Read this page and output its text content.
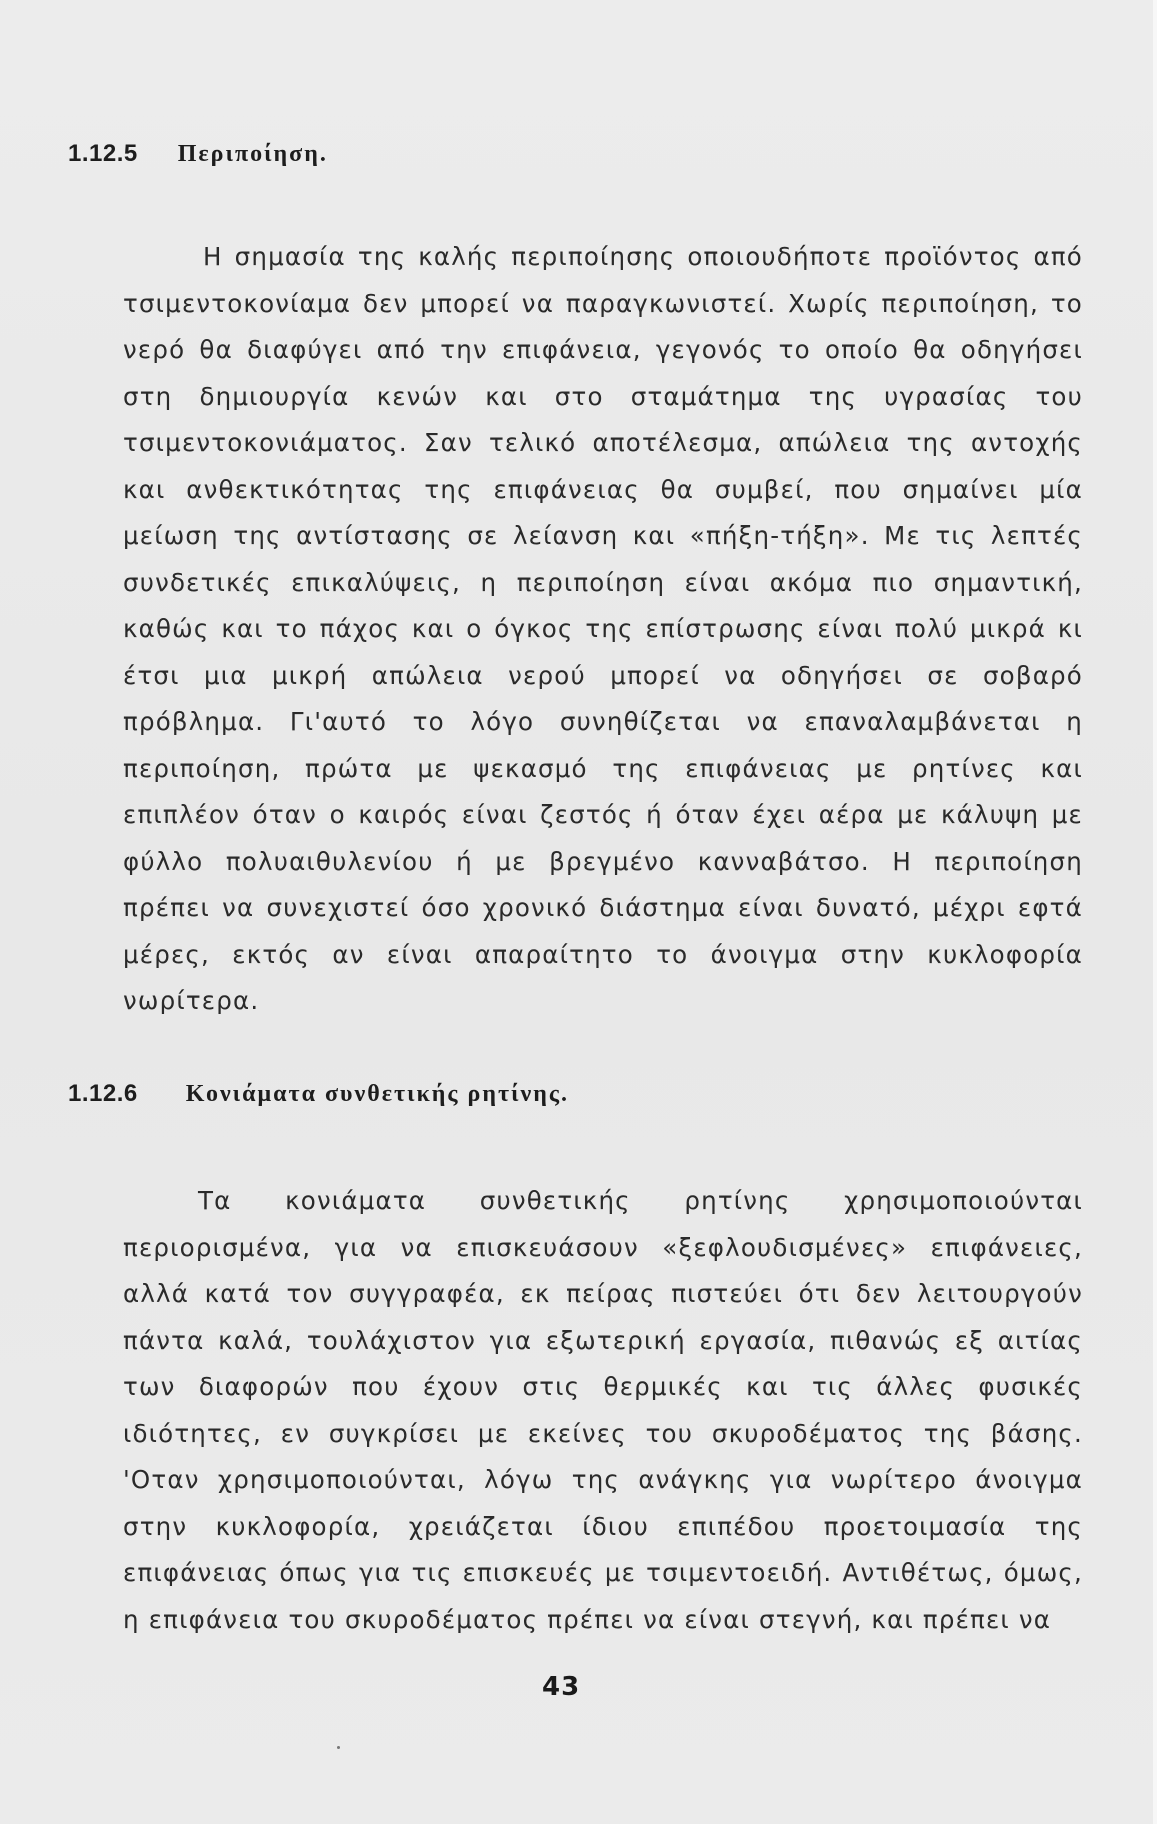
1.12.5 Περιποίηση.
Η σημασία της καλής περιποίησης οποιουδήποτε προϊόντος από
τσιμεντοκονίαμα δεν μπορεί να παραγκωνιστεί. Χωρίς περιποίηση, το
νερό θα διαφύγει από την επιφάνεια, γεγονός το οποίο θα οδηγήσει
στη δημιουργία κενών και στο σταμάτημα της υγρασίας του
τσιμεντοκονιάματος. Σαν τελικό αποτέλεσμα, απώλεια της αντοχής
και ανθεκτικότητας της επιφάνειας θα συμβεί, που σημαίνει μία
μείωση της αντίστασης σε λείανση και «πήξη-τήξη». Με τις λεπτές
συνδετικές επικαλύψεις, η περιποίηση είναι ακόμα πιο σημαντική,
καθώς και το πάχος και ο όγκος της επίστρωσης είναι πολύ μικρά κι
έτσι μια μικρή απώλεια νερού μπορεί να οδηγήσει σε σοβαρό
πρόβλημα. Γι'αυτό το λόγο συνηθίζεται να επαναλαμβάνεται η
περιποίηση, πρώτα με ψεκασμό της επιφάνειας με ρητίνες και
επιπλέον όταν ο καιρός είναι ζεστός ή όταν έχει αέρα με κάλυψη με
φύλλο πολυαιθυλενίου ή με βρεγμένο κανναβάτσο. Η περιποίηση
πρέπει να συνεχιστεί όσο χρονικό διάστημα είναι δυνατό, μέχρι εφτά
μέρες, εκτός αν είναι απαραίτητο το άνοιγμα στην κυκλοφορία
νωρίτερα.
1.12.6 Κονιάματα συνθετικής ρητίνης.
Τα κονιάματα συνθετικής ρητίνης χρησιμοποιούνται
περιορισμένα, για να επισκευάσουν «ξεφλουδισμένες» επιφάνειες,
αλλά κατά τον συγγραφέα, εκ πείρας πιστεύει ότι δεν λειτουργούν
πάντα καλά, τουλάχιστον για εξωτερική εργασία, πιθανώς εξ αιτίας
των διαφορών που έχουν στις θερμικές και τις άλλες φυσικές
ιδιότητες, εν συγκρίσει με εκείνες του σκυροδέματος της βάσης.
'Οταν χρησιμοποιούνται, λόγω της ανάγκης για νωρίτερο άνοιγμα
στην κυκλοφορία, χρειάζεται ίδιου επιπέδου προετοιμασία της
επιφάνειας όπως για τις επισκευές με τσιμεντοειδή. Αντιθέτως, όμως,
η επιφάνεια του σκυροδέματος πρέπει να είναι στεγνή, και πρέπει να
43
